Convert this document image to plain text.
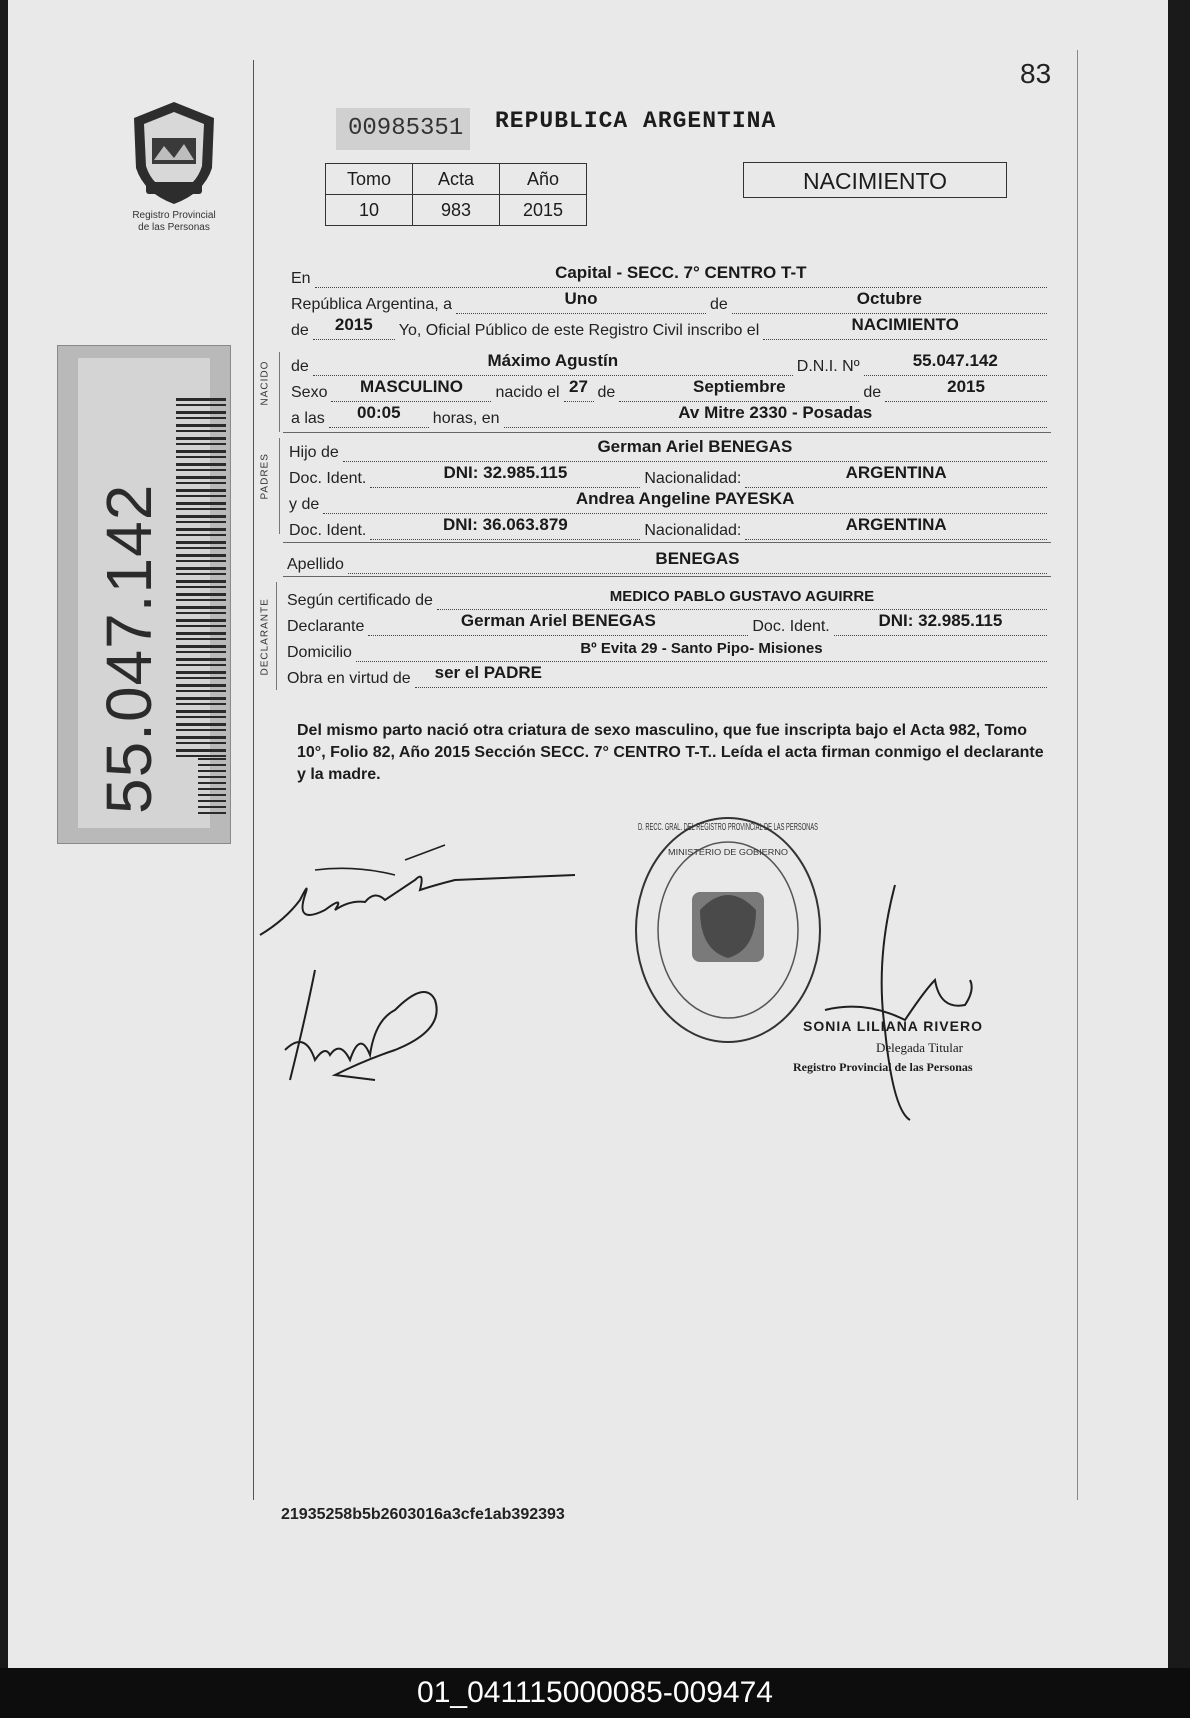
Registro Provincial
de las Personas
55.047.142
83
00985351 REPUBLICA ARGENTINA
Tomo	Acta	Año
10	983	2015
NACIMIENTO
En	Capital - SECC. 7° CENTRO T-T
República Argentina, a	Uno	de	Octubre
de 2015 Yo, Oficial Público de este Registro Civil inscribo el	NACIMIENTO
NACIDO de	Máximo Agustín	D.N.I. Nº	55.047.142
Sexo MASCULINO nacido el 27 de	Septiembre	de	2015
a las 00:05 horas, en	Av Mitre 2330 - Posadas
PADRES
Hijo de	German Ariel BENEGAS
Doc. Ident.	DNI: 32.985.115	Nacionalidad:	ARGENTINA
y de	Andrea Angeline PAYESKA
Doc. Ident.	DNI: 36.063.879	Nacionalidad:	ARGENTINA
Apellido	BENEGAS
DECLARANTE Según certificado de	MEDICO PABLO GUSTAVO AGUIRRE
Declarante	German Ariel BENEGAS	Doc. Ident.	DNI: 32.985.115
Domicilio	Bº Evita 29 - Santo Pipo- Misiones
Obra en virtud de ser el PADRE
Del mismo parto nació otra criatura de sexo masculino, que fue inscripta bajo el Acta 982, Tomo 10°, Folio 82, Año 2015 Sección SECC. 7° CENTRO T-T.. Leída el acta firman conmigo el declarante y la madre.
D. RECC. GRAL. DEL REGISTRO PROVINCIAL DE LAS PERSONAS
MINISTERIO DE GOBIERNO
SONIA LILIANA RIVERO
Delegada Titular
Registro Provincial de las Personas
21935258b5b2603016a3cfe1ab392393
01_041115000085-009474
